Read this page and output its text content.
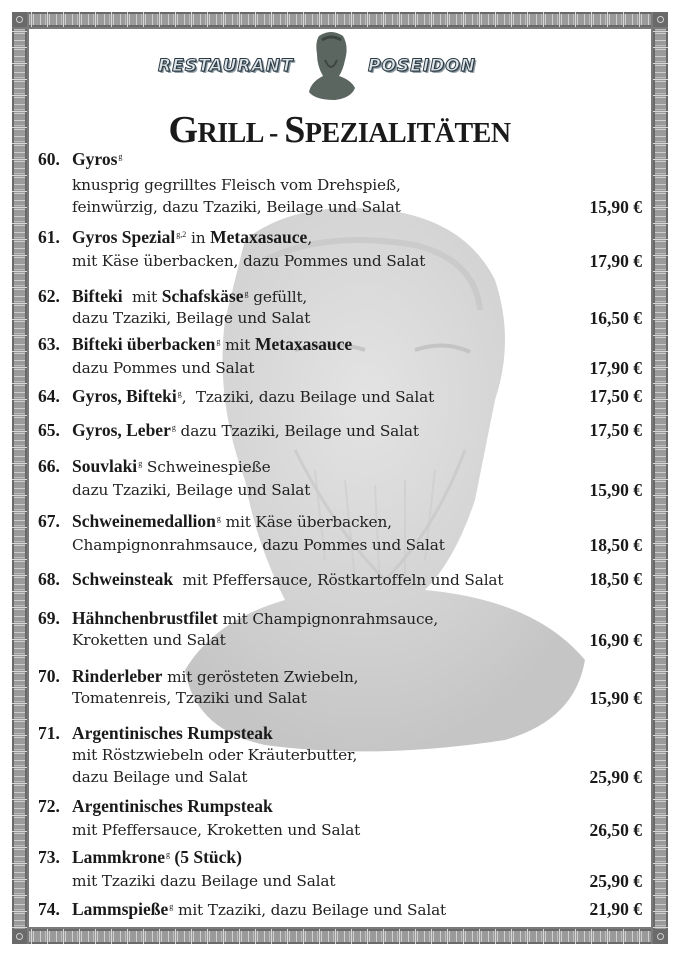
RESTAURANT	POSEIDON
GRILL - SPEZIALITÄTEN
60. Gyros$^g$
knusprig gegrilltes Fleisch vom Drehspieß,
feinwürzig, dazu Tzaziki, Beilage und Salat	15,90 €
61. Gyros Spezial$^{g,2}$ in Metaxasauce,
mit Käse überbacken, dazu Pommes und Salat	17,90 €
62. Bifteki  mit Schafskäse$^g$ gefüllt,
dazu Tzaziki, Beilage und Salat	16,50 €
63. Bifteki überbacken$^g$ mit Metaxasauce
dazu Pommes und Salat	17,90 €
64. Gyros, Bifteki$^g$,  Tzaziki, dazu Beilage und Salat	17,50 €
65. Gyros, Leber$^g$ dazu Tzaziki, Beilage und Salat	17,50 €
66. Souvlaki$^g$ Schweinespieße
dazu Tzaziki, Beilage und Salat	15,90 €
67. Schweinemedallion$^g$ mit Käse überbacken,
Champignonrahmsauce, dazu Pommes und Salat	18,50 €
68. Schweinsteak  mit Pfeffersauce, Röstkartoffeln und Salat	18,50 €
69. Hähnchenbrustfilet mit Champignonrahmsauce,
Kroketten und Salat	16,90 €
70. Rinderleber mit gerösteten Zwiebeln,
Tomatenreis, Tzaziki und Salat	15,90 €
71. Argentinisches Rumpsteak
mit Röstzwiebeln oder Kräuterbutter,
dazu Beilage und Salat	25,90 €
72. Argentinisches Rumpsteak
mit Pfeffersauce, Kroketten und Salat	26,50 €
73. Lammkrone$^g$ (5 Stück)
mit Tzaziki dazu Beilage und Salat	25,90 €
74. Lammspieße$^g$ mit Tzaziki, dazu Beilage und Salat	21,90 €
